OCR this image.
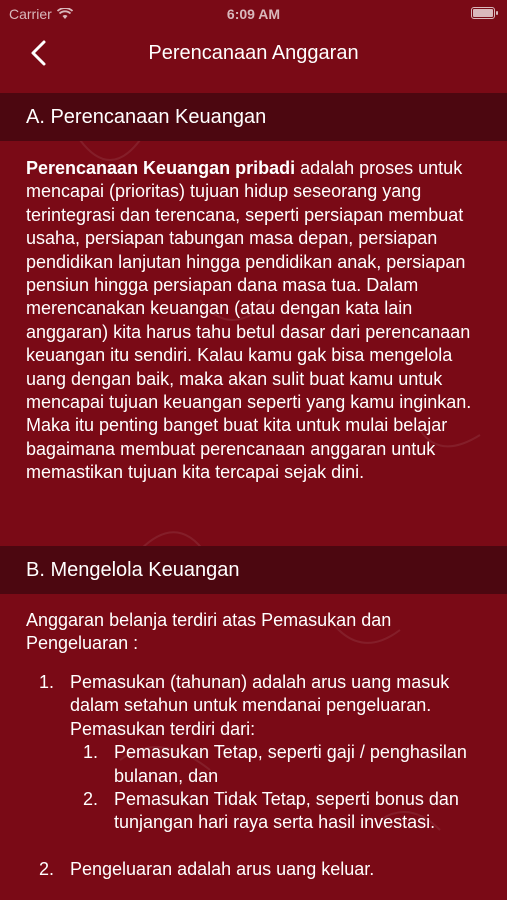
Carrier	6:09 AM
Perencanaan Anggaran
A. Perencanaan Keuangan
Perencanaan Keuangan pribadi adalah proses untuk mencapai (prioritas) tujuan hidup seseorang yang terintegrasi dan terencana, seperti persiapan membuat usaha, persiapan tabungan masa depan, persiapan pendidikan lanjutan hingga pendidikan anak, persiapan pensiun hingga persiapan dana masa tua. Dalam merencanakan keuangan (atau dengan kata lain anggaran) kita harus tahu betul dasar dari perencanaan keuangan itu sendiri. Kalau kamu gak bisa mengelola uang dengan baik, maka akan sulit buat kamu untuk mencapai tujuan keuangan seperti yang kamu inginkan. Maka itu penting banget buat kita untuk mulai belajar bagaimana membuat perencanaan anggaran untuk memastikan tujuan kita tercapai sejak dini.
B. Mengelola Keuangan
Anggaran belanja terdiri atas Pemasukan dan Pengeluaran :
1. Pemasukan (tahunan) adalah arus uang masuk dalam setahun untuk mendanai pengeluaran. Pemasukan terdiri dari:
1. Pemasukan Tetap, seperti gaji / penghasilan bulanan, dan
2. Pemasukan Tidak Tetap, seperti bonus dan tunjangan hari raya serta hasil investasi.
2. Pengeluaran adalah arus uang keluar.
